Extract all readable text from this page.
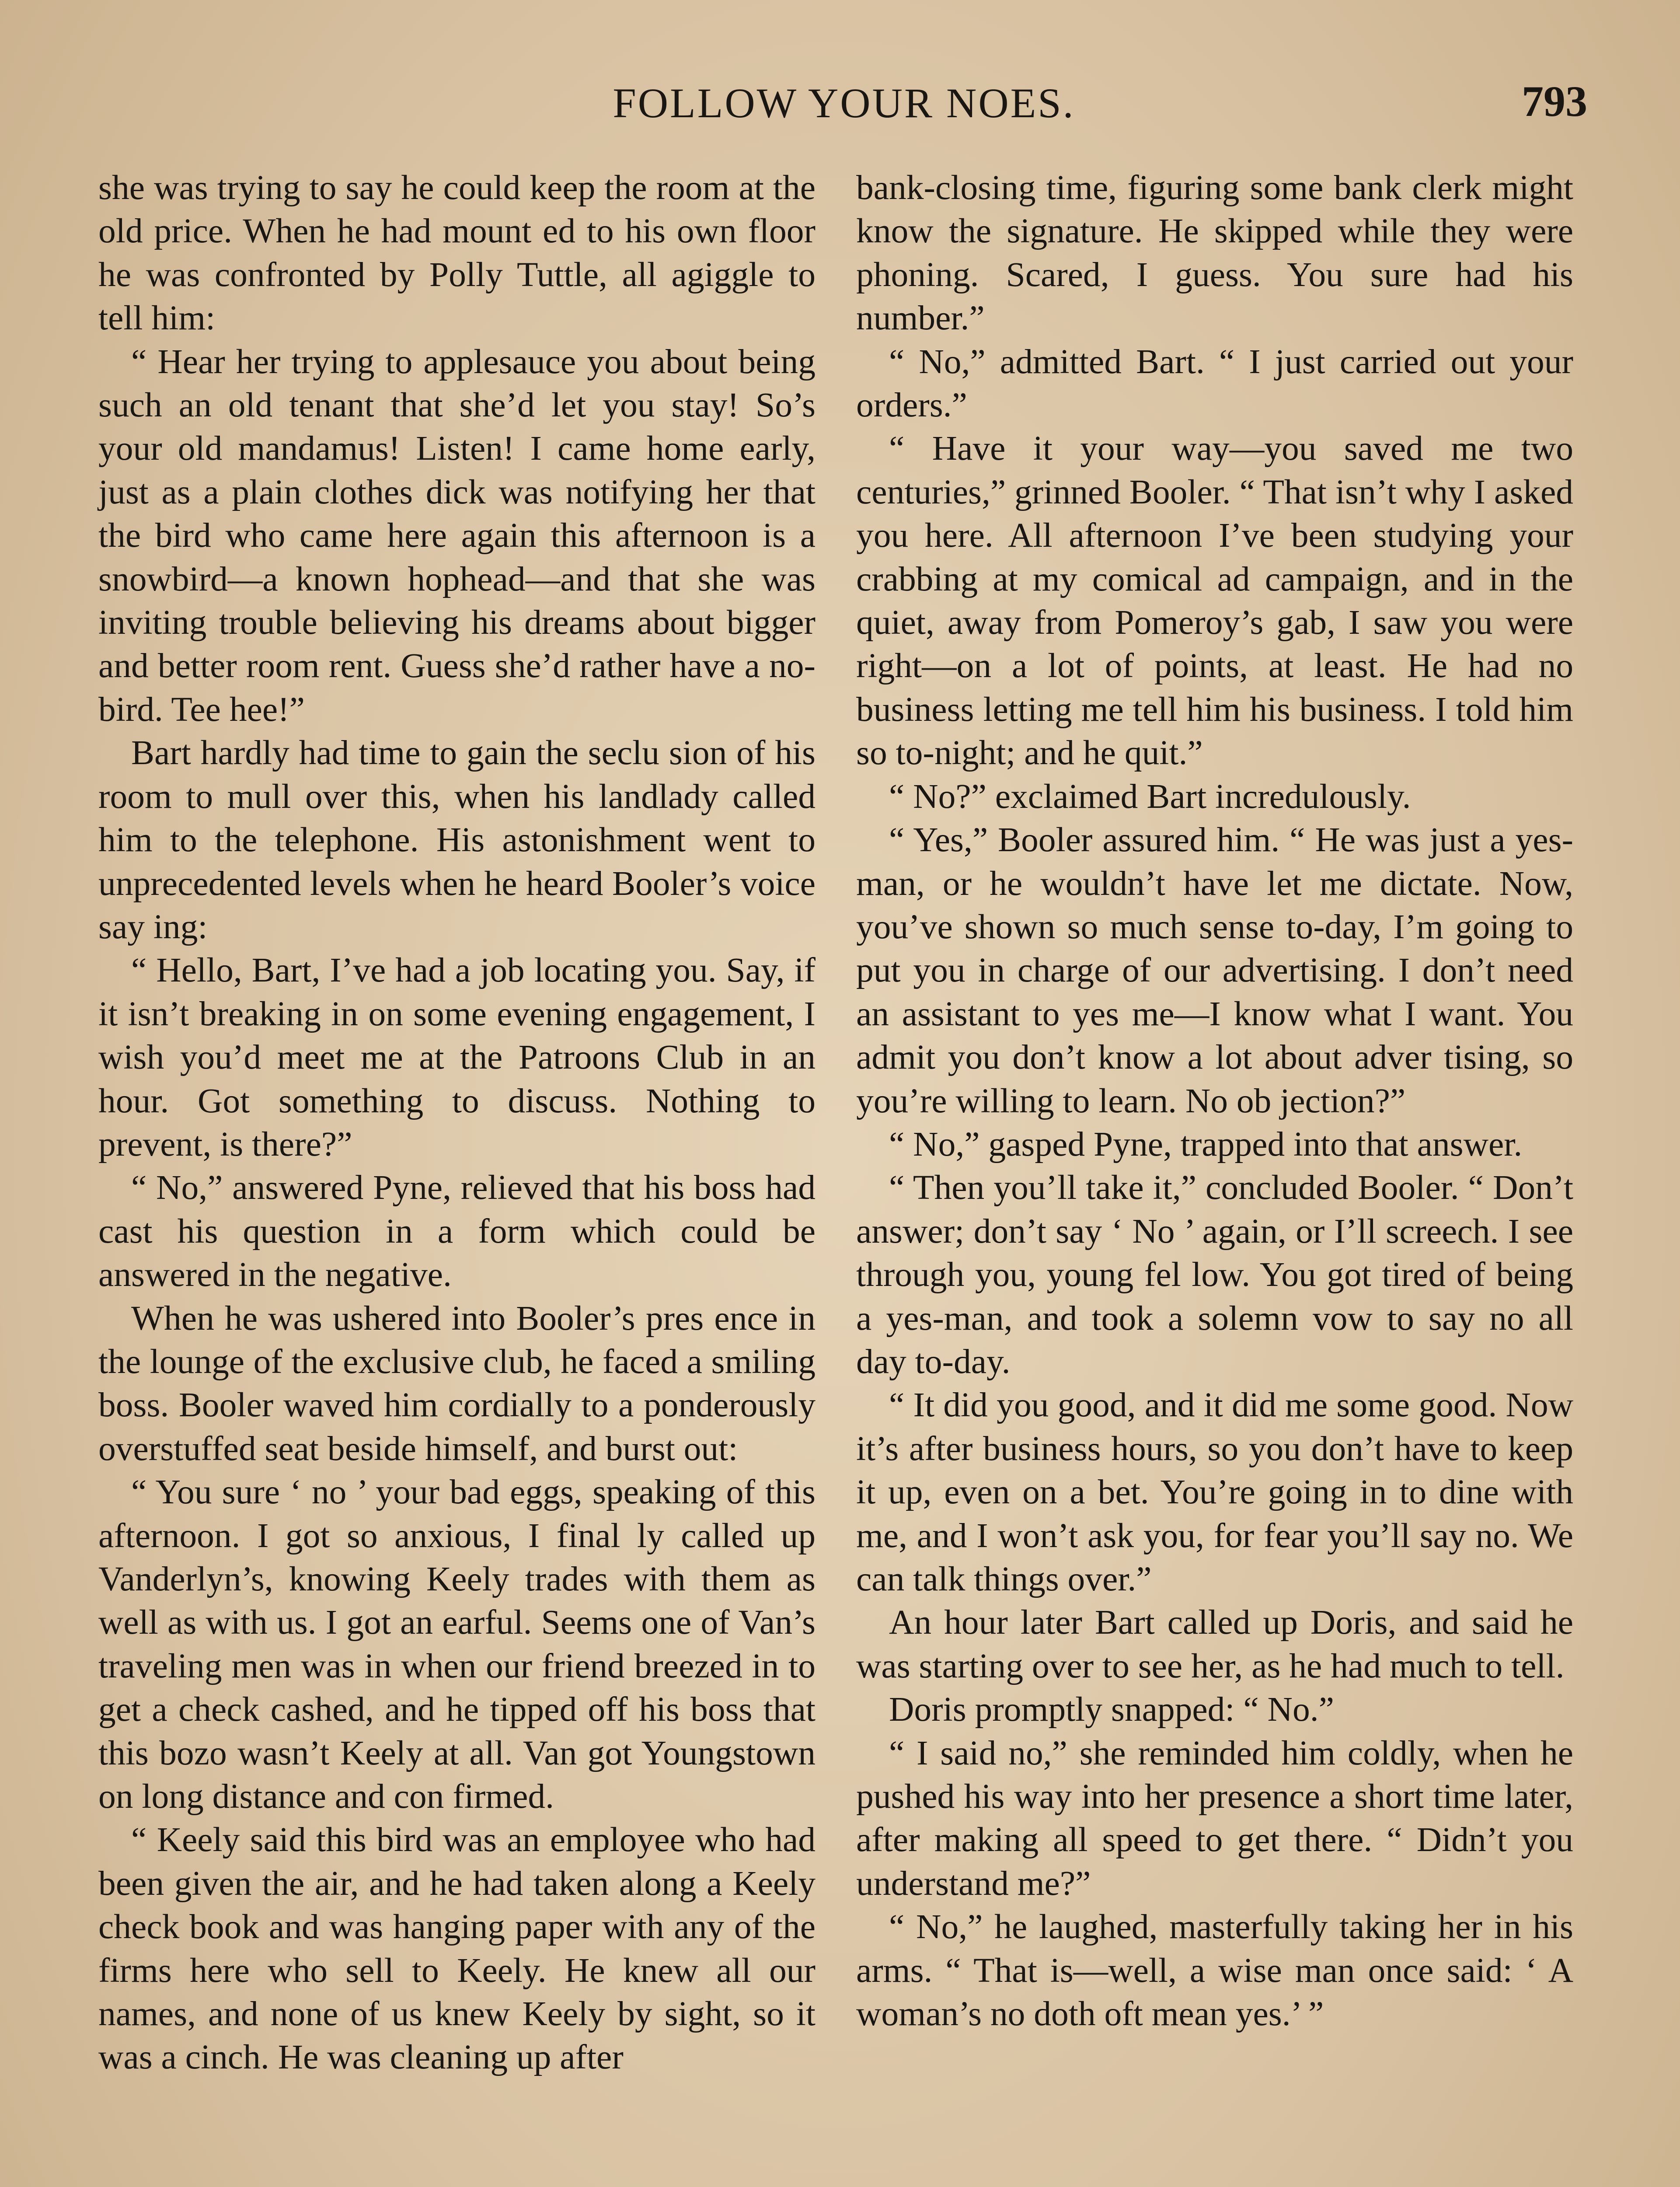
FOLLOW YOUR NOES.	793

she was trying to say he could keep the room at the old price. When he had mount ed to his own floor he was confronted by Polly Tuttle, all agiggle to tell him:

“ Hear her trying to applesauce you about being such an old tenant that she’d let you stay! So’s your old mandamus! Listen! I came home early, just as a plain clothes dick was notifying her that the bird who came here again this afternoon is a snowbird—a known hophead—and that she was inviting trouble believing his dreams about bigger and better room rent. Guess she’d rather have a no-bird. Tee hee!”

Bart hardly had time to gain the seclu sion of his room to mull over this, when his landlady called him to the telephone. His astonishment went to unprecedented levels when he heard Booler’s voice say ing:

“ Hello, Bart, I’ve had a job locating you. Say, if it isn’t breaking in on some evening engagement, I wish you’d meet me at the Patroons Club in an hour. Got something to discuss. Nothing to prevent, is there?”

“ No,” answered Pyne, relieved that his boss had cast his question in a form which could be answered in the negative.

When he was ushered into Booler’s pres ence in the lounge of the exclusive club, he faced a smiling boss. Booler waved him cordially to a ponderously overstuffed seat beside himself, and burst out:

“ You sure ‘ no ’ your bad eggs, speaking of this afternoon. I got so anxious, I final ly called up Vanderlyn’s, knowing Keely trades with them as well as with us. I got an earful. Seems one of Van’s traveling men was in when our friend breezed in to get a check cashed, and he tipped off his boss that this bozo wasn’t Keely at all. Van got Youngstown on long distance and con firmed.

“ Keely said this bird was an employee who had been given the air, and he had taken along a Keely check book and was hanging paper with any of the firms here who sell to Keely. He knew all our names, and none of us knew Keely by sight, so it was a cinch. He was cleaning up after

bank-closing time, figuring some bank clerk might know the signature. He skipped while they were phoning. Scared, I guess. You sure had his number.”

“ No,” admitted Bart. “ I just carried out your orders.”

“ Have it your way—you saved me two centuries,” grinned Booler. “ That isn’t why I asked you here. All afternoon I’ve been studying your crabbing at my comical ad campaign, and in the quiet, away from Pomeroy’s gab, I saw you were right—on a lot of points, at least. He had no business letting me tell him his business. I told him so to-night; and he quit.”

“ No?” exclaimed Bart incredulously.

“ Yes,” Booler assured him. “ He was just a yes-man, or he wouldn’t have let me dictate. Now, you’ve shown so much sense to-day, I’m going to put you in charge of our advertising. I don’t need an assistant to yes me—I know what I want. You admit you don’t know a lot about adver tising, so you’re willing to learn. No ob jection?”

“ No,” gasped Pyne, trapped into that answer.

“ Then you’ll take it,” concluded Booler. “ Don’t answer; don’t say ‘ No ’ again, or I’ll screech. I see through you, young fel low. You got tired of being a yes-man, and took a solemn vow to say no all day to-day.

“ It did you good, and it did me some good. Now it’s after business hours, so you don’t have to keep it up, even on a bet. You’re going in to dine with me, and I won’t ask you, for fear you’ll say no. We can talk things over.”

An hour later Bart called up Doris, and said he was starting over to see her, as he had much to tell.

Doris promptly snapped: “ No.”

“ I said no,” she reminded him coldly, when he pushed his way into her presence a short time later, after making all speed to get there. “ Didn’t you understand me?”

“ No,” he laughed, masterfully taking her in his arms. “ That is—well, a wise man once said: ‘ A woman’s no doth oft mean yes.’ ”
